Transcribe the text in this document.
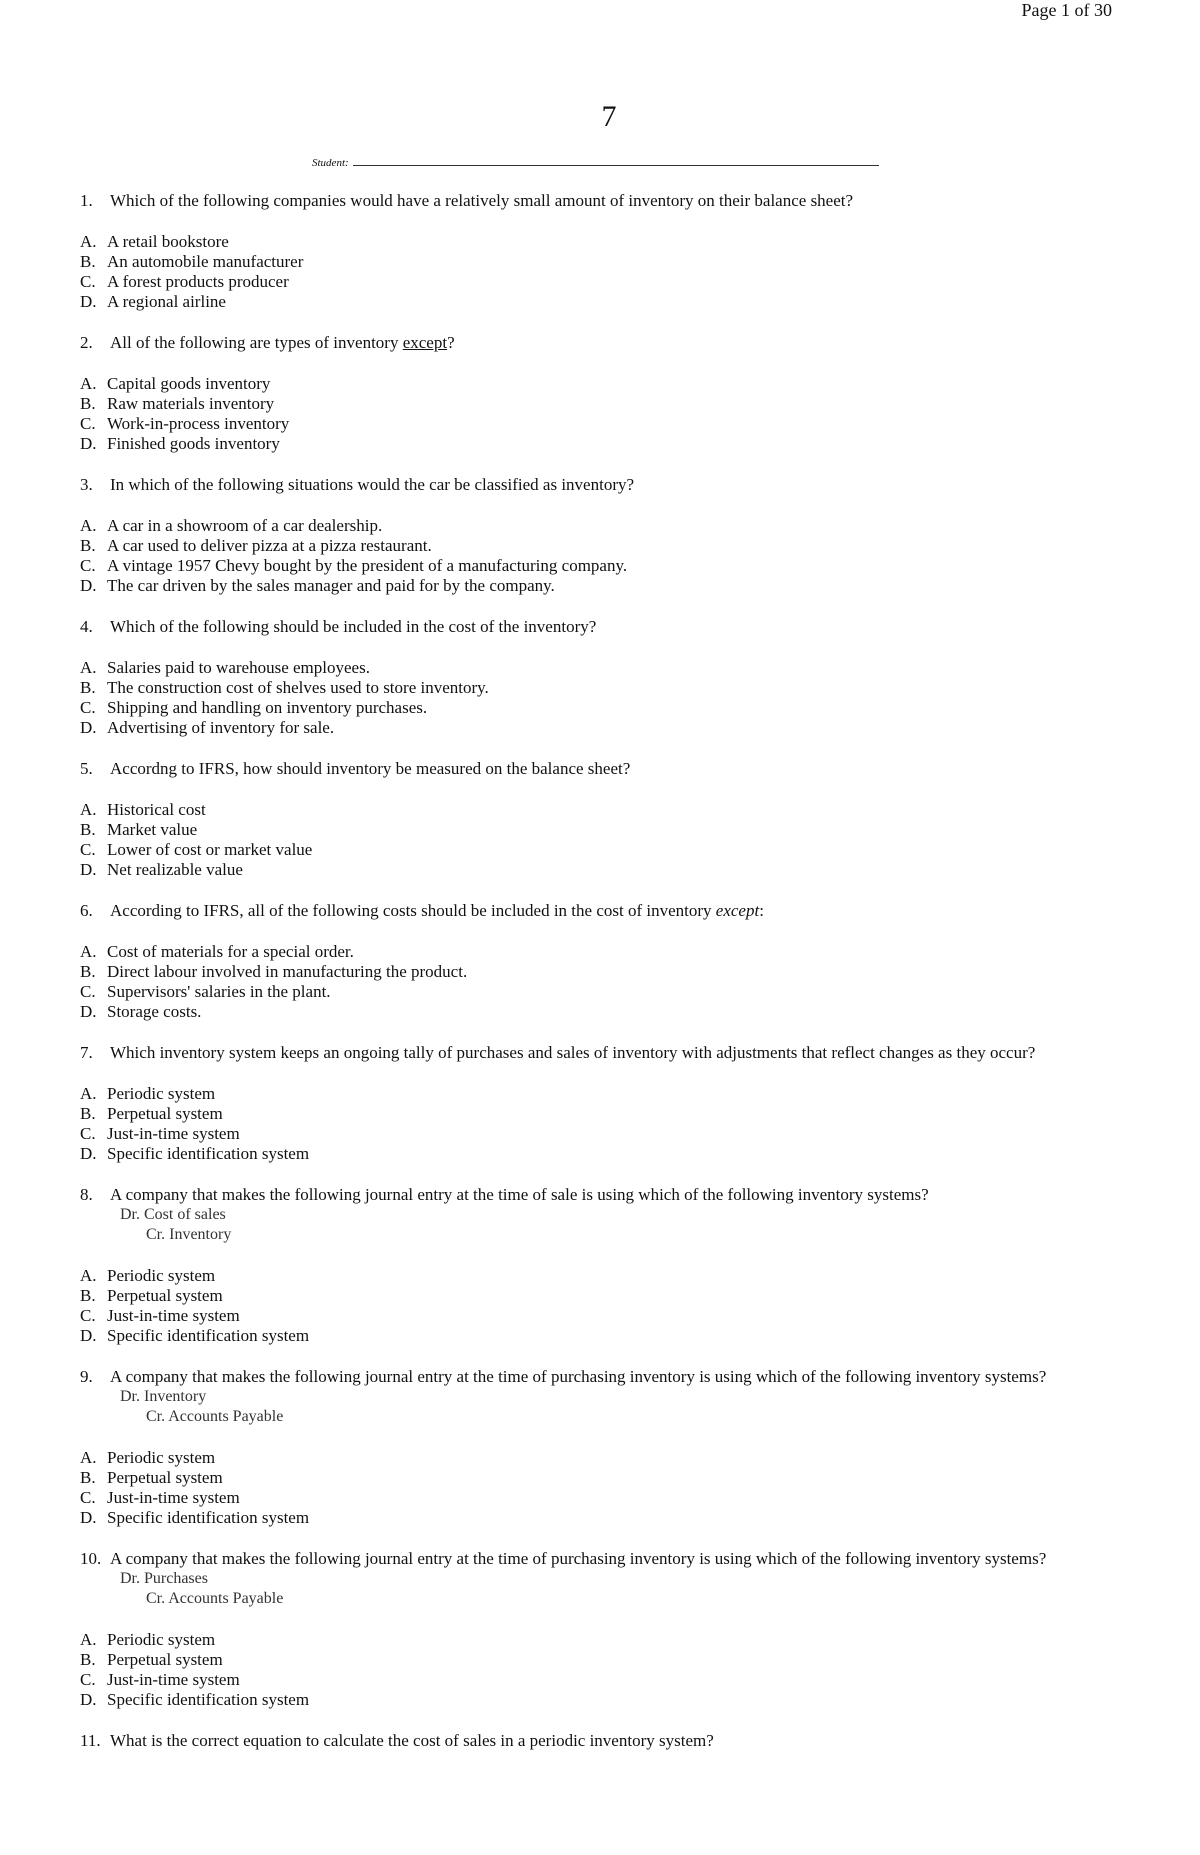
Page 1 of 30
7
Student:
1.	Which of the following companies would have a relatively small amount of inventory on their balance sheet?
A. A retail bookstore
B. An automobile manufacturer
C. A forest products producer
D. A regional airline
2.	All of the following are types of inventory except?
A. Capital goods inventory
B. Raw materials inventory
C. Work-in-process inventory
D. Finished goods inventory
3.	In which of the following situations would the car be classified as inventory?
A. A car in a showroom of a car dealership.
B. A car used to deliver pizza at a pizza restaurant.
C. A vintage 1957 Chevy bought by the president of a manufacturing company.
D. The car driven by the sales manager and paid for by the company.
4.	Which of the following should be included in the cost of the inventory?
A. Salaries paid to warehouse employees.
B. The construction cost of shelves used to store inventory.
C. Shipping and handling on inventory purchases.
D. Advertising of inventory for sale.
5.	Accordng to IFRS, how should inventory be measured on the balance sheet?
A. Historical cost
B. Market value
C. Lower of cost or market value
D. Net realizable value
6.	According to IFRS, all of the following costs should be included in the cost of inventory except:
A. Cost of materials for a special order.
B. Direct labour involved in manufacturing the product.
C. Supervisors' salaries in the plant.
D. Storage costs.
7.	Which inventory system keeps an ongoing tally of purchases and sales of inventory with adjustments that reflect changes as they occur?
A. Periodic system
B. Perpetual system
C. Just-in-time system
D. Specific identification system
8.	A company that makes the following journal entry at the time of sale is using which of the following inventory systems?
Dr. Cost of sales
Cr. Inventory
A. Periodic system
B. Perpetual system
C. Just-in-time system
D. Specific identification system
9.	A company that makes the following journal entry at the time of purchasing inventory is using which of the following inventory systems?
Dr. Inventory
Cr. Accounts Payable
A. Periodic system
B. Perpetual system
C. Just-in-time system
D. Specific identification system
10. A company that makes the following journal entry at the time of purchasing inventory is using which of the following inventory systems?
Dr. Purchases
Cr. Accounts Payable
A. Periodic system
B. Perpetual system
C. Just-in-time system
D. Specific identification system
11. What is the correct equation to calculate the cost of sales in a periodic inventory system?
